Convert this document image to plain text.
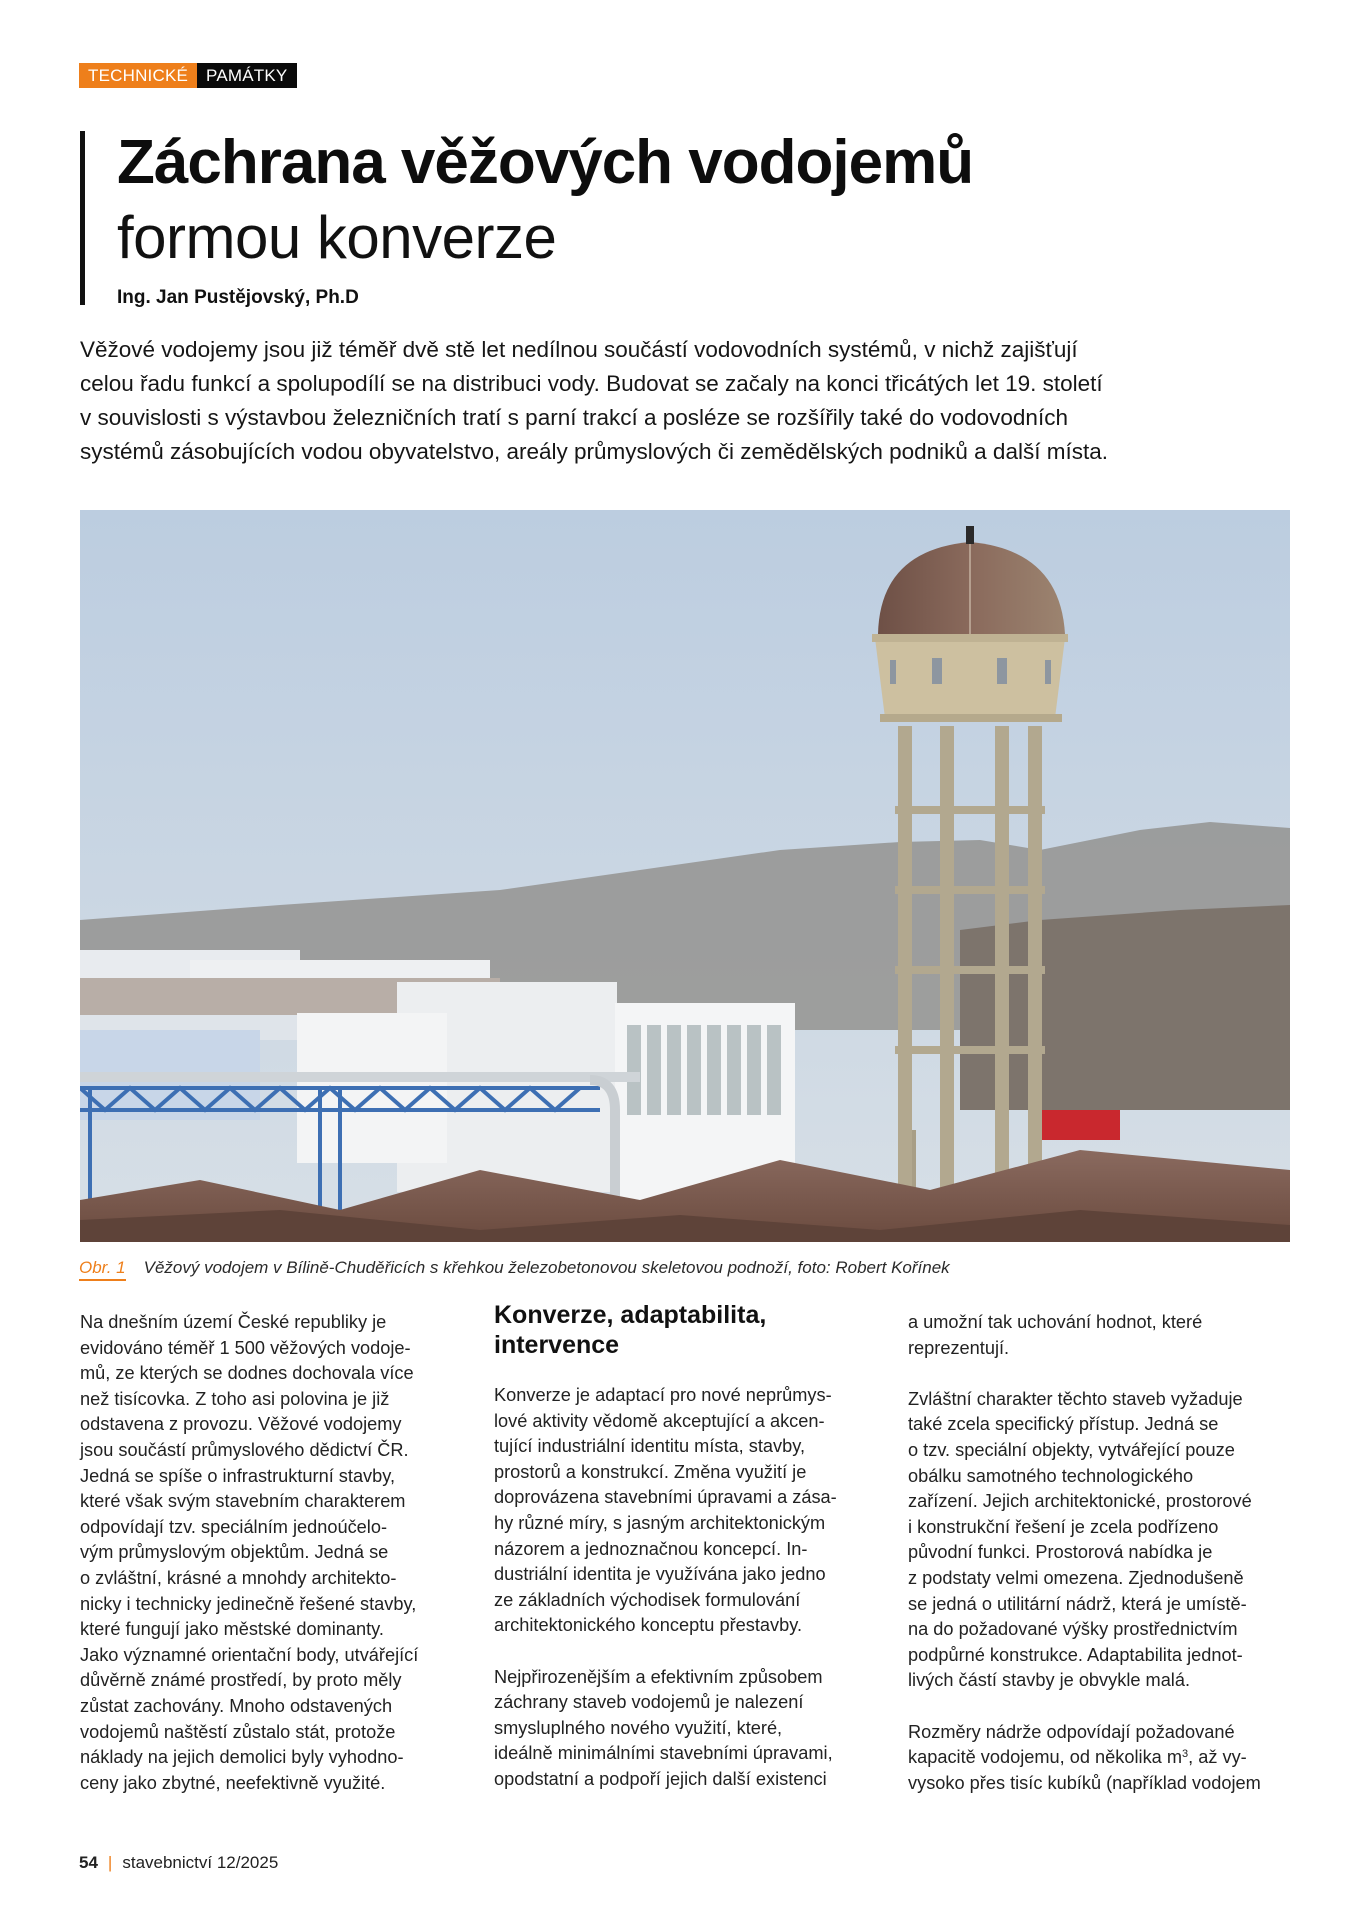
TECHNICKÉ	PAMÁTKY
Záchrana věžových vodojemů
formou konverze
Ing. Jan Pustějovský, Ph.D
Věžové vodojemy jsou již téměř dvě stě let nedílnou součástí vodovodních systémů, v nichž zajišťují
celou řadu funkcí a spolupodílí se na distribuci vody. Budovat se začaly na konci třicátých let 19. století
v souvislosti s výstavbou železničních tratí s parní trakcí a posléze se rozšířily také do vodovodních
systémů zásobujících vodou obyvatelstvo, areály průmyslových či zemědělských podniků a další místa.
Obr. 1 Věžový vodojem v Bílině-Chuděřicích s křehkou železobetonovou skeletovou podnoží, foto: Robert Kořínek
Na dnešním území České republiky je
evidováno téměř 1 500 věžových vodoje-
mů, ze kterých se dodnes dochovala více
než tisícovka. Z toho asi polovina je již
odstavena z provozu. Věžové vodojemy
jsou součástí průmyslového dědictví ČR.
Jedná se spíše o infrastrukturní stavby,
které však svým stavebním charakterem
odpovídají tzv. speciálním jednoúčelo-
vým průmyslovým objektům. Jedná se
o zvláštní, krásné a mnohdy architekto-
nicky i technicky jedinečně řešené stavby,
které fungují jako městské dominanty.
Jako významné orientační body, utvářející
důvěrně známé prostředí, by proto měly
zůstat zachovány. Mnoho odstavených
vodojemů naštěstí zůstalo stát, protože
náklady na jejich demolici byly vyhodno-
ceny jako zbytné, neefektivně využité.
Konverze, adaptabilita,
intervence
Konverze je adaptací pro nové neprůmys-
lové aktivity vědomě akceptující a akcen-
tující industriální identitu místa, stavby,
prostorů a konstrukcí. Změna využití je
doprovázena stavebními úpravami a zása-
hy různé míry, s jasným architektonickým
názorem a jednoznačnou koncepcí. In-
dustriální identita je využívána jako jedno
ze základních východisek formulování
architektonického konceptu přestavby.
Nejpřirozenějším a efektivním způsobem
záchrany staveb vodojemů je nalezení
smysluplného nového využití, které,
ideálně minimálními stavebními úpravami,
opodstatní a podpoří jejich další existenci
a umožní tak uchování hodnot, které
reprezentují.
Zvláštní charakter těchto staveb vyžaduje
také zcela specifický přístup. Jedná se
o tzv. speciální objekty, vytvářející pouze
obálku samotného technologického
zařízení. Jejich architektonické, prostorové
i konstrukční řešení je zcela podřízeno
původní funkci. Prostorová nabídka je
z podstaty velmi omezena. Zjednodušeně
se jedná o utilitární nádrž, která je umístě-
na do požadované výšky prostřednictvím
podpůrné konstrukce. Adaptabilita jednot-
livých částí stavby je obvykle malá.
Rozměry nádrže odpovídají požadované
kapacitě vodojemu, od několika $m^3$, až vy-
vysoko přes tisíc kubíků (například vodojem
54 | stavebnictví 12/2025
